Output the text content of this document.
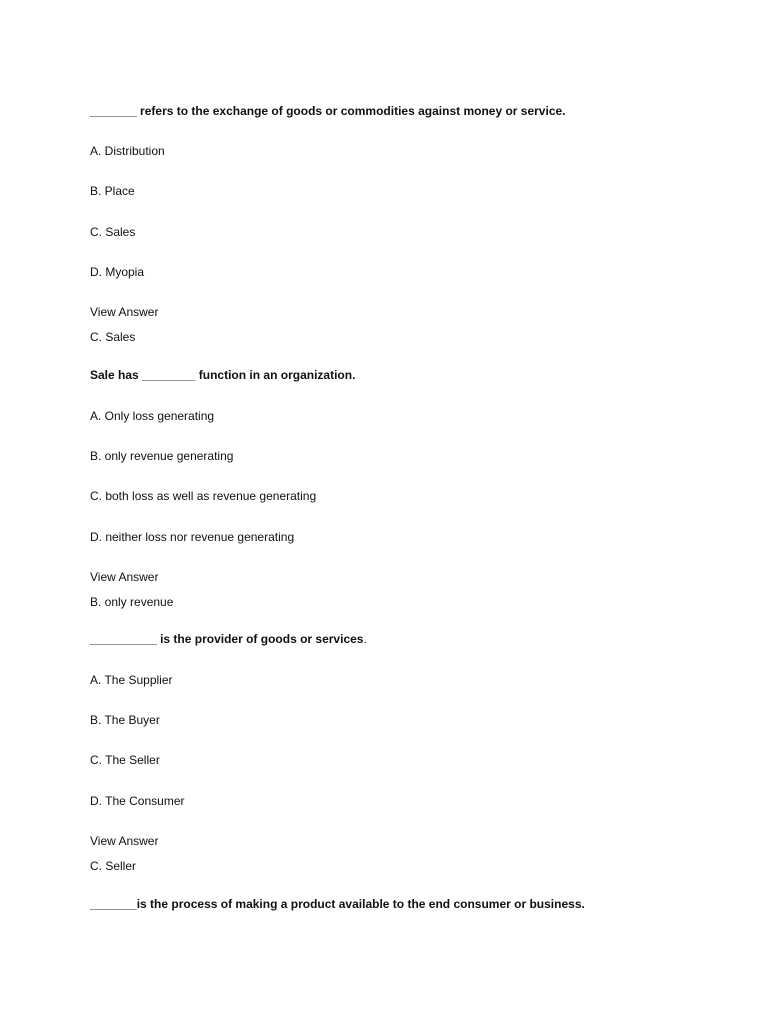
_______ refers to the exchange of goods or commodities against money or service.
A. Distribution
B. Place
C. Sales
D. Myopia
View Answer
C. Sales
Sale has ________ function in an organization.
A. Only loss generating
B. only revenue generating
C. both loss as well as revenue generating
D. neither loss nor revenue generating
View Answer
B. only revenue
__________ is the provider of goods or services.
A. The Supplier
B. The Buyer
C. The Seller
D. The Consumer
View Answer
C. Seller
_______is the process of making a product available to the end consumer or business.
